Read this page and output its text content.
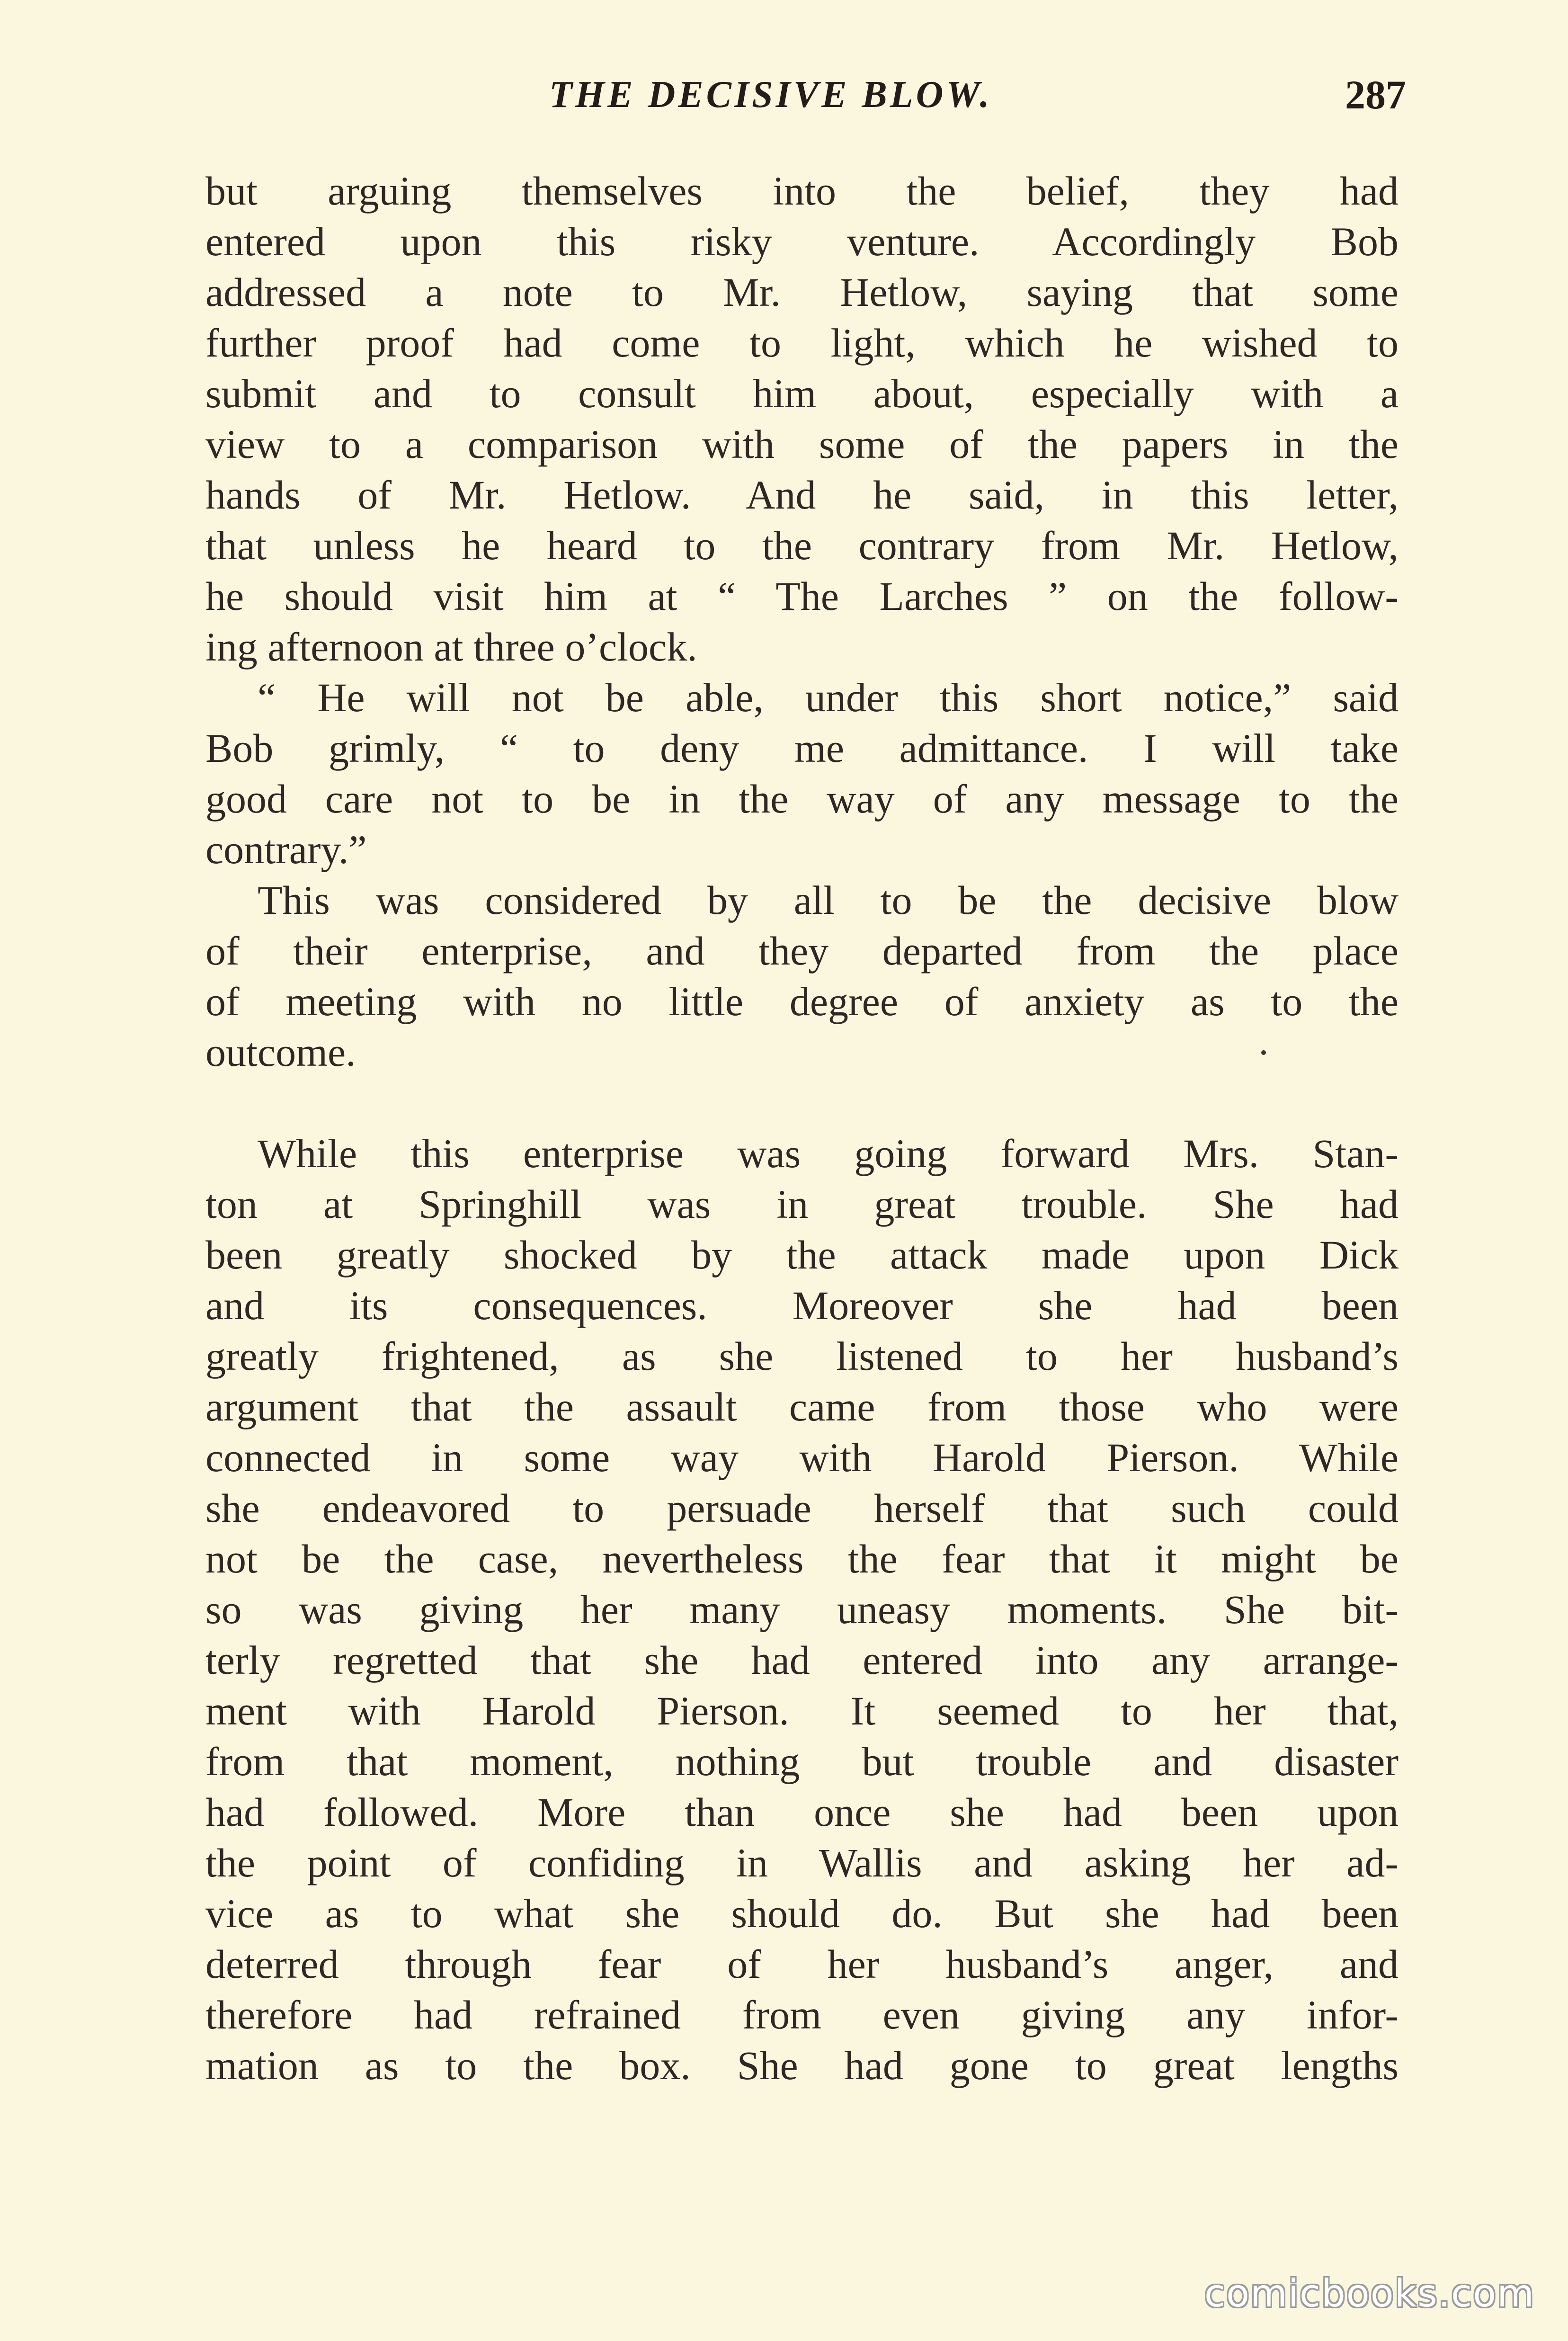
THE DECISIVE BLOW.	287
but arguing themselves into the belief, they had
entered upon this risky venture. Accordingly Bob
addressed a note to Mr. Hetlow, saying that some
further proof had come to light, which he wished to
submit and to consult him about, especially with a
view to a comparison with some of the papers in the
hands of Mr. Hetlow. And he said, in this letter,
that unless he heard to the contrary from Mr. Hetlow,
he should visit him at “ The Larches ” on the follow-
ing afternoon at three o’clock.
“ He will not be able, under this short notice,” said
Bob grimly, “ to deny me admittance. I will take
good care not to be in the way of any message to the
contrary.”
This was considered by all to be the decisive blow
of their enterprise, and they departed from the place
of meeting with no little degree of anxiety as to the
outcome.
While this enterprise was going forward Mrs. Stan-
ton at Springhill was in great trouble. She had
been greatly shocked by the attack made upon Dick
and its consequences. Moreover she had been
greatly frightened, as she listened to her husband’s
argument that the assault came from those who were
connected in some way with Harold Pierson. While
she endeavored to persuade herself that such could
not be the case, nevertheless the fear that it might be
so was giving her many uneasy moments. She bit-
terly regretted that she had entered into any arrange-
ment with Harold Pierson. It seemed to her that,
from that moment, nothing but trouble and disaster
had followed. More than once she had been upon
the point of confiding in Wallis and asking her ad-
vice as to what she should do. But she had been
deterred through fear of her husband’s anger, and
therefore had refrained from even giving any infor-
mation as to the box. She had gone to great lengths
comicbooks.com
